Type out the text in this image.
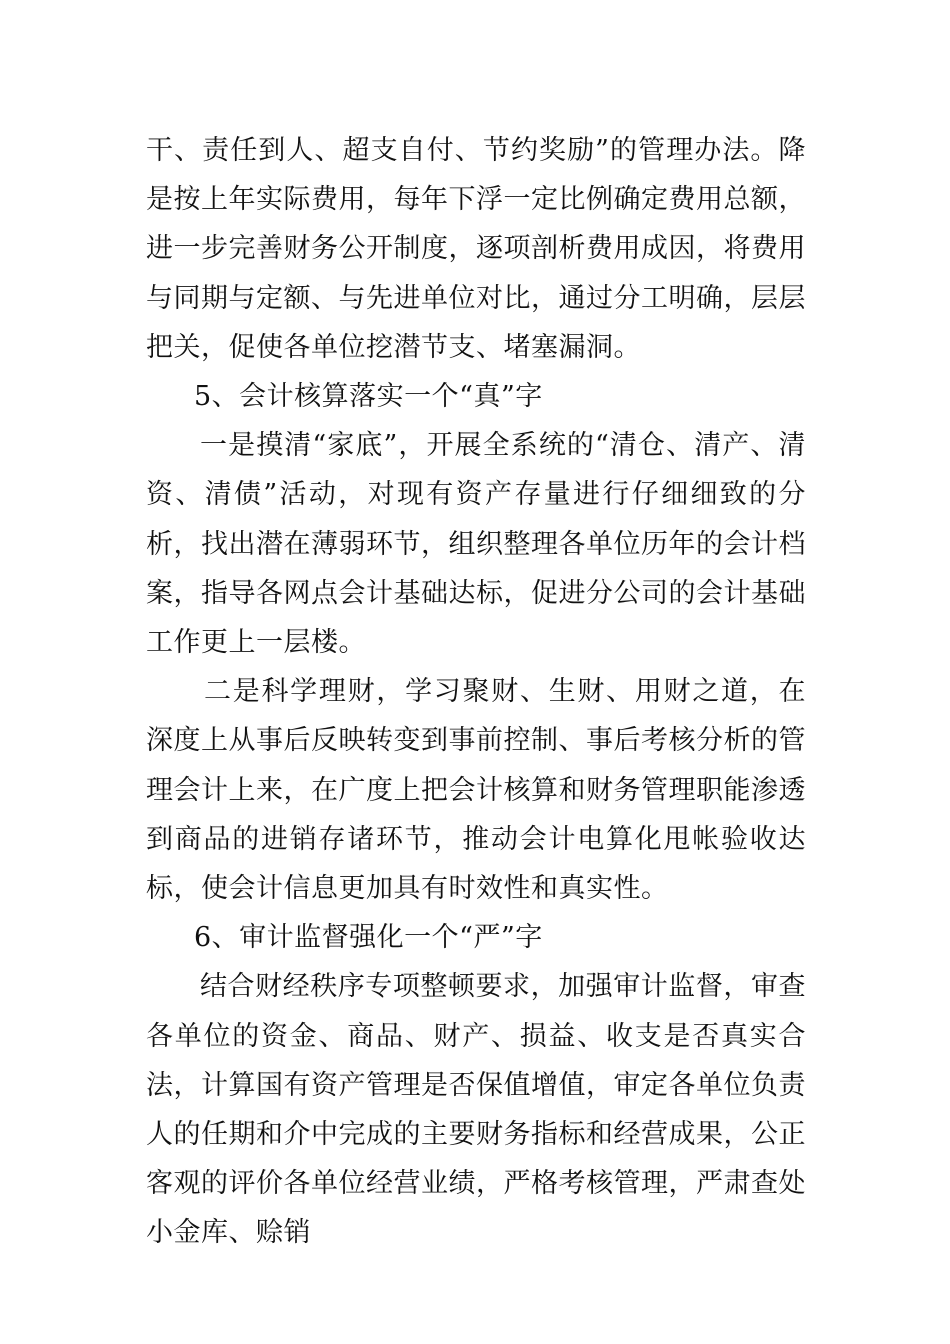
干、责任到人、超支自付、节约奖励”的管理办法。降是按上年实际费用，每年下浮一定比例确定费用总额，进一步完善财务公开制度，逐项剖析费用成因，将费用与同期与定额、与先进单位对比，通过分工明确，层层把关，促使各单位挖潜节支、堵塞漏洞。

5、会计核算落实一个“真”字

一是摸清“家底”，开展全系统的“清仓、清产、清资、清债”活动，对现有资产存量进行仔细细致的分析，找出潜在薄弱环节，组织整理各单位历年的会计档案，指导各网点会计基础达标，促进分公司的会计基础工作更上一层楼。

二是科学理财，学习聚财、生财、用财之道，在深度上从事后反映转变到事前控制、事后考核分析的管理会计上来，在广度上把会计核算和财务管理职能渗透到商品的进销存诸环节，推动会计电算化甩帐验收达标，使会计信息更加具有时效性和真实性。

6、审计监督强化一个“严”字

结合财经秩序专项整顿要求，加强审计监督，审查各单位的资金、商品、财产、损益、收支是否真实合法，计算国有资产管理是否保值增值，审定各单位负责人的任期和介中完成的主要财务指标和经营成果，公正客观的评价各单位经营业绩，严格考核管理，严肃查处小金库、赊销
